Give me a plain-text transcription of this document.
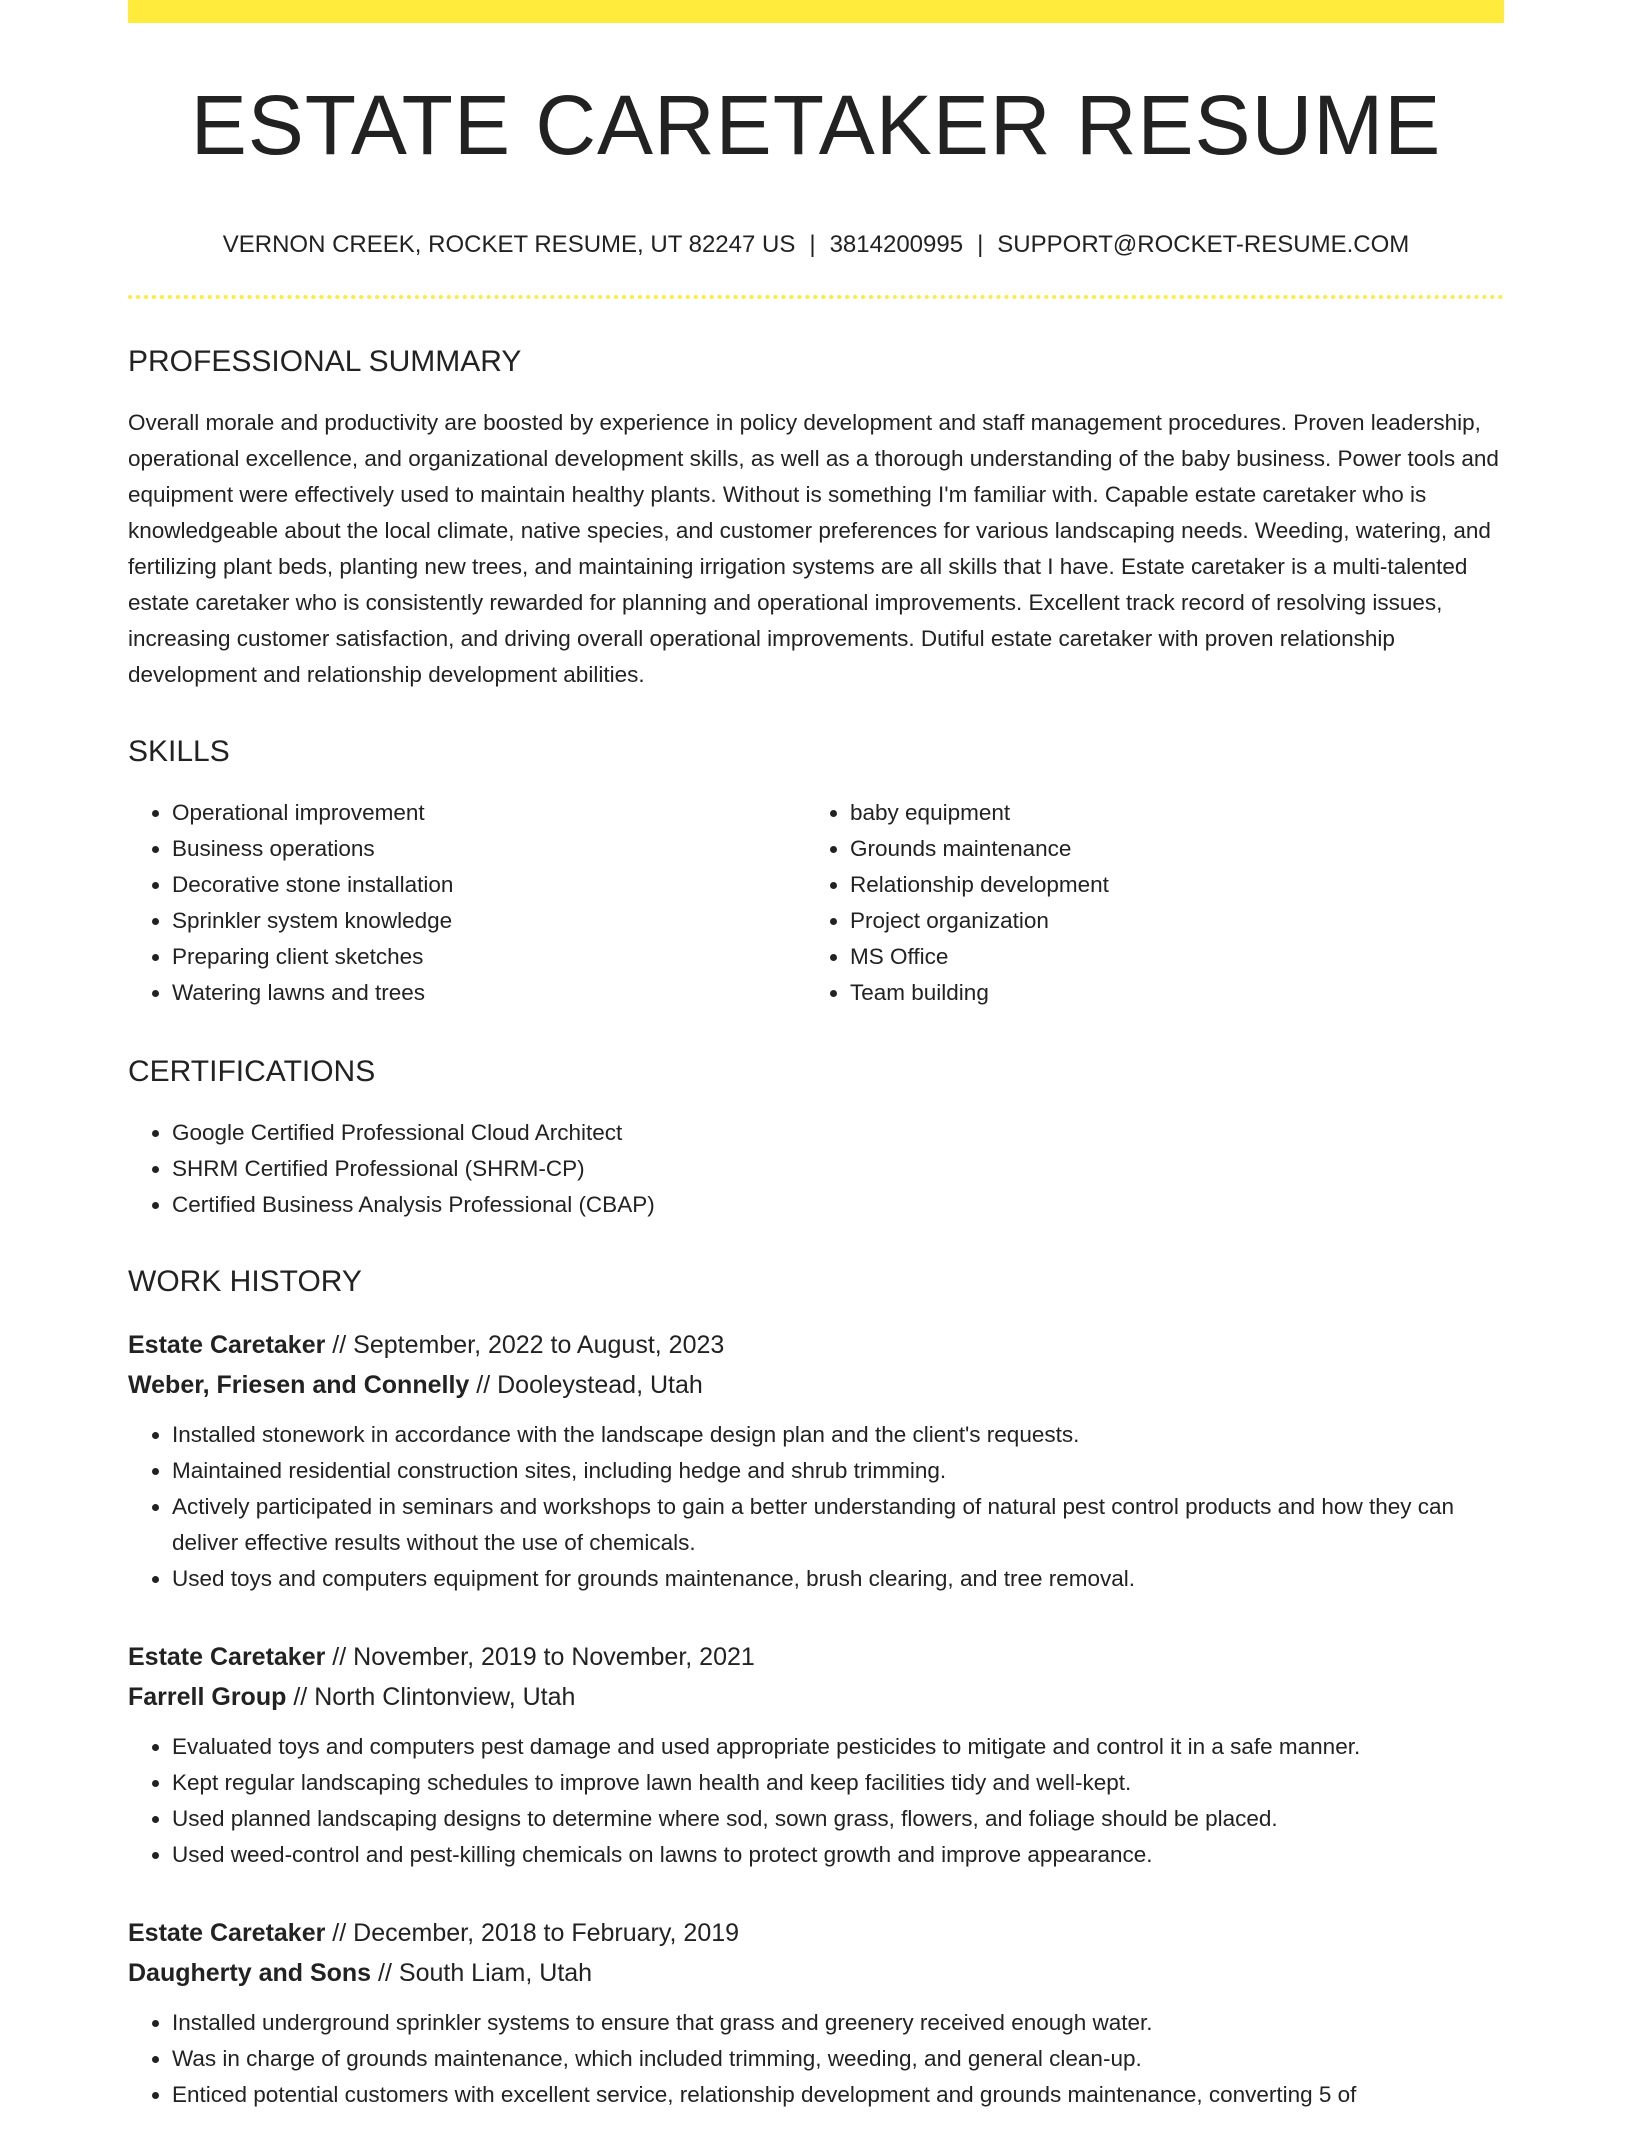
ESTATE CARETAKER RESUME
VERNON CREEK, ROCKET RESUME, UT 82247 US | 3814200995 | SUPPORT@ROCKET-RESUME.COM
PROFESSIONAL SUMMARY

Overall morale and productivity are boosted by experience in policy development and staff management procedures. Proven leadership, operational excellence, and organizational development skills, as well as a thorough understanding of the baby business. Power tools and equipment were effectively used to maintain healthy plants. Without is something I'm familiar with. Capable estate caretaker who is knowledgeable about the local climate, native species, and customer preferences for various landscaping needs. Weeding, watering, and fertilizing plant beds, planting new trees, and maintaining irrigation systems are all skills that I have. Estate caretaker is a multi-talented estate caretaker who is consistently rewarded for planning and operational improvements. Excellent track record of resolving issues, increasing customer satisfaction, and driving overall operational improvements. Dutiful estate caretaker with proven relationship development and relationship development abilities.

SKILLS
• Operational improvement
• Business operations
• Decorative stone installation
• Sprinkler system knowledge
• Preparing client sketches
• Watering lawns and trees
• baby equipment
• Grounds maintenance
• Relationship development
• Project organization
• MS Office
• Team building
CERTIFICATIONS
• Google Certified Professional Cloud Architect
• SHRM Certified Professional (SHRM-CP)
• Certified Business Analysis Professional (CBAP)
WORK HISTORY
Estate Caretaker // September, 2022 to August, 2023
Weber, Friesen and Connelly // Dooleystead, Utah
• Installed stonework in accordance with the landscape design plan and the client's requests.
• Maintained residential construction sites, including hedge and shrub trimming.
• Actively participated in seminars and workshops to gain a better understanding of natural pest control products and how they can deliver effective results without the use of chemicals.
• Used toys and computers equipment for grounds maintenance, brush clearing, and tree removal.
Estate Caretaker // November, 2019 to November, 2021
Farrell Group // North Clintonview, Utah
• Evaluated toys and computers pest damage and used appropriate pesticides to mitigate and control it in a safe manner.
• Kept regular landscaping schedules to improve lawn health and keep facilities tidy and well-kept.
• Used planned landscaping designs to determine where sod, sown grass, flowers, and foliage should be placed.
• Used weed-control and pest-killing chemicals on lawns to protect growth and improve appearance.
Estate Caretaker // December, 2018 to February, 2019
Daugherty and Sons // South Liam, Utah
• Installed underground sprinkler systems to ensure that grass and greenery received enough water.
• Was in charge of grounds maintenance, which included trimming, weeding, and general clean-up.
• Enticed potential customers with excellent service, relationship development and grounds maintenance, converting 5 of
